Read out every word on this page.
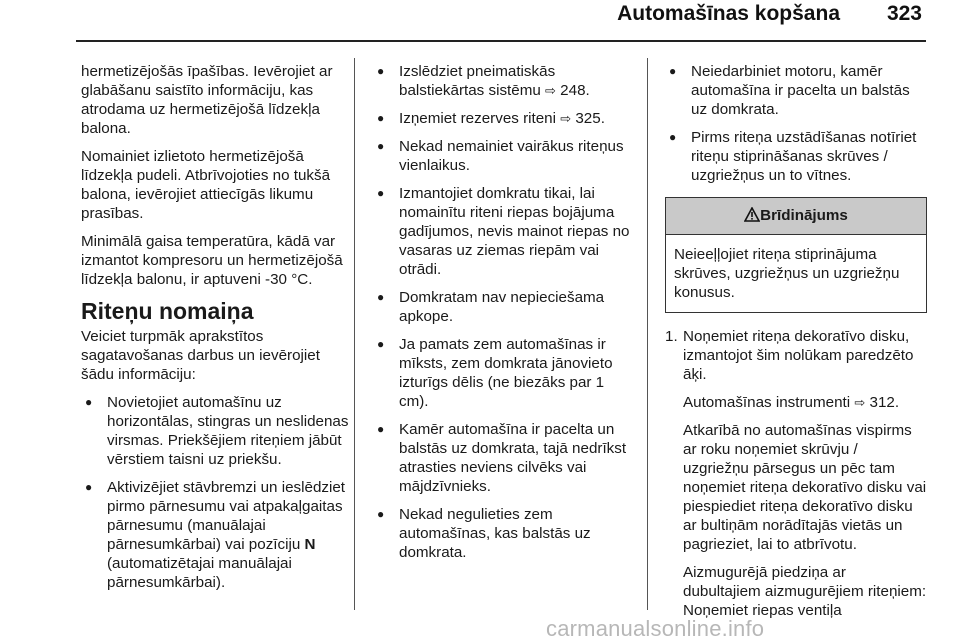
Automašīnas kopšana 323

hermetizējošās īpašības. Ievērojiet ar glabāšanu saistīto informāciju, kas atrodama uz hermetizējošā līdzekļa balona.

Nomainiet izlietoto hermetizējošā līdzekļa pudeli. Atbrīvojoties no tukšā balona, ievērojiet attiecīgās likumu prasības.

Minimālā gaisa temperatūra, kādā var izmantot kompresoru un hermetizējošā līdzekļa balonu, ir aptuveni -30 °C.

Riteņu nomaiņa

Veiciet turpmāk aprakstītos sagatavošanas darbus un ievērojiet šādu informāciju:

● Novietojiet automašīnu uz horizontālas, stingras un neslidenas virsmas. Priekšējiem riteņiem jābūt vērstiem taisni uz priekšu.
● Aktivizējiet stāvbremzi un ieslēdziet pirmo pārnesumu vai atpakaļgaitas pārnesumu (manuālajai pārnesumkārbai) vai pozīciju N (automatizētajai manuālajai pārnesumkārbai).
● Izslēdziet pneimatiskās balstiekārtas sistēmu ⇨ 248.
● Izņemiet rezerves riteni ⇨ 325.
● Nekad nemainiet vairākus riteņus vienlaikus.
● Izmantojiet domkratu tikai, lai nomainītu riteni riepas bojājuma gadījumos, nevis mainot riepas no vasaras uz ziemas riepām vai otrādi.
● Domkratam nav nepieciešama apkope.
● Ja pamats zem automašīnas ir mīksts, zem domkrata jānovieto izturīgs dēlis (ne biezāks par 1 cm).
● Kamēr automašīna ir pacelta un balstās uz domkrata, tajā nedrīkst atrasties neviens cilvēks vai mājdzīvnieks.
● Nekad negulieties zem automašīnas, kas balstās uz domkrata.
● Neiedarbiniet motoru, kamēr automašīna ir pacelta un balstās uz domkrata.
● Pirms riteņa uzstādīšanas notīriet riteņu stiprināšanas skrūves / uzgriežņus un to vītnes.
Brīdinājums
Neieeļļojiet riteņa stiprinājuma skrūves, uzgriežņus un uzgriežņu konusus.
1. Noņemiet riteņa dekoratīvo disku, izmantojot šim nolūkam paredzēto āķi.

Automašīnas instrumenti ⇨ 312.

Atkarībā no automašīnas vispirms ar roku noņemiet skrūvju / uzgriežņu pārsegus un pēc tam noņemiet riteņa dekoratīvo disku vai piespiediet riteņa dekoratīvo disku ar bultiņām norādītajās vietās un pagrieziet, lai to atbrīvotu.

Aizmugurējā piedziņa ar dubultajiem aizmugurējiem riteņiem: Noņemiet riepas ventiļa

carmanualsonline.info
